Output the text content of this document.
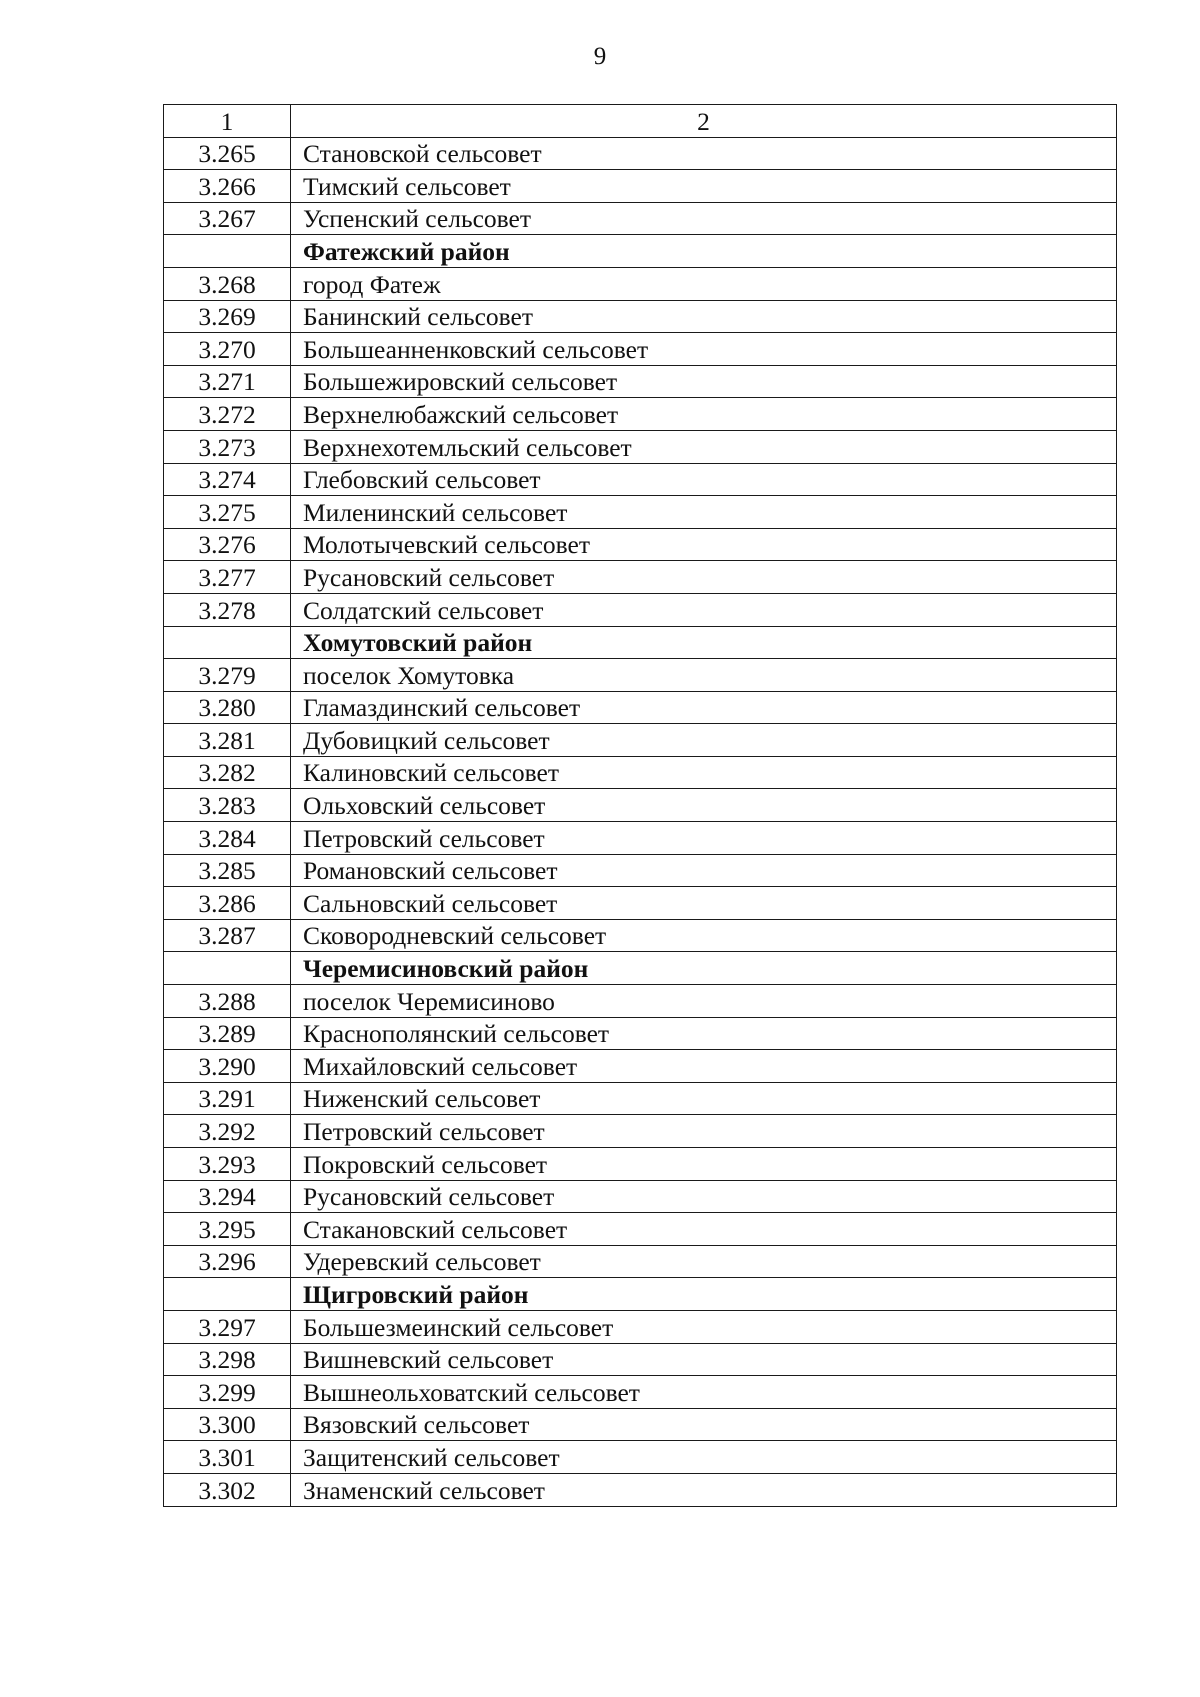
9
1	2
3.265	Становской сельсовет
3.266	Тимский сельсовет
3.267	Успенский сельсовет
	Фатежский район
3.268	город Фатеж
3.269	Банинский сельсовет
3.270	Большеанненковский сельсовет
3.271	Большежировский сельсовет
3.272	Верхнелюбажский сельсовет
3.273	Верхнехотемльский сельсовет
3.274	Глебовский сельсовет
3.275	Миленинский сельсовет
3.276	Молотычевский сельсовет
3.277	Русановский сельсовет
3.278	Солдатский сельсовет
	Хомутовский район
3.279	поселок Хомутовка
3.280	Гламаздинский сельсовет
3.281	Дубовицкий сельсовет
3.282	Калиновский сельсовет
3.283	Ольховский сельсовет
3.284	Петровский сельсовет
3.285	Романовский сельсовет
3.286	Сальновский сельсовет
3.287	Сковородневский сельсовет
	Черемисиновский район
3.288	поселок Черемисиново
3.289	Краснополянский сельсовет
3.290	Михайловский сельсовет
3.291	Ниженский сельсовет
3.292	Петровский сельсовет
3.293	Покровский сельсовет
3.294	Русановский сельсовет
3.295	Стакановский сельсовет
3.296	Удеревский сельсовет
	Щигровский район
3.297	Большезмеинский сельсовет
3.298	Вишневский сельсовет
3.299	Вышнеольховатский сельсовет
3.300	Вязовский сельсовет
3.301	Защитенский сельсовет
3.302	Знаменский сельсовет
